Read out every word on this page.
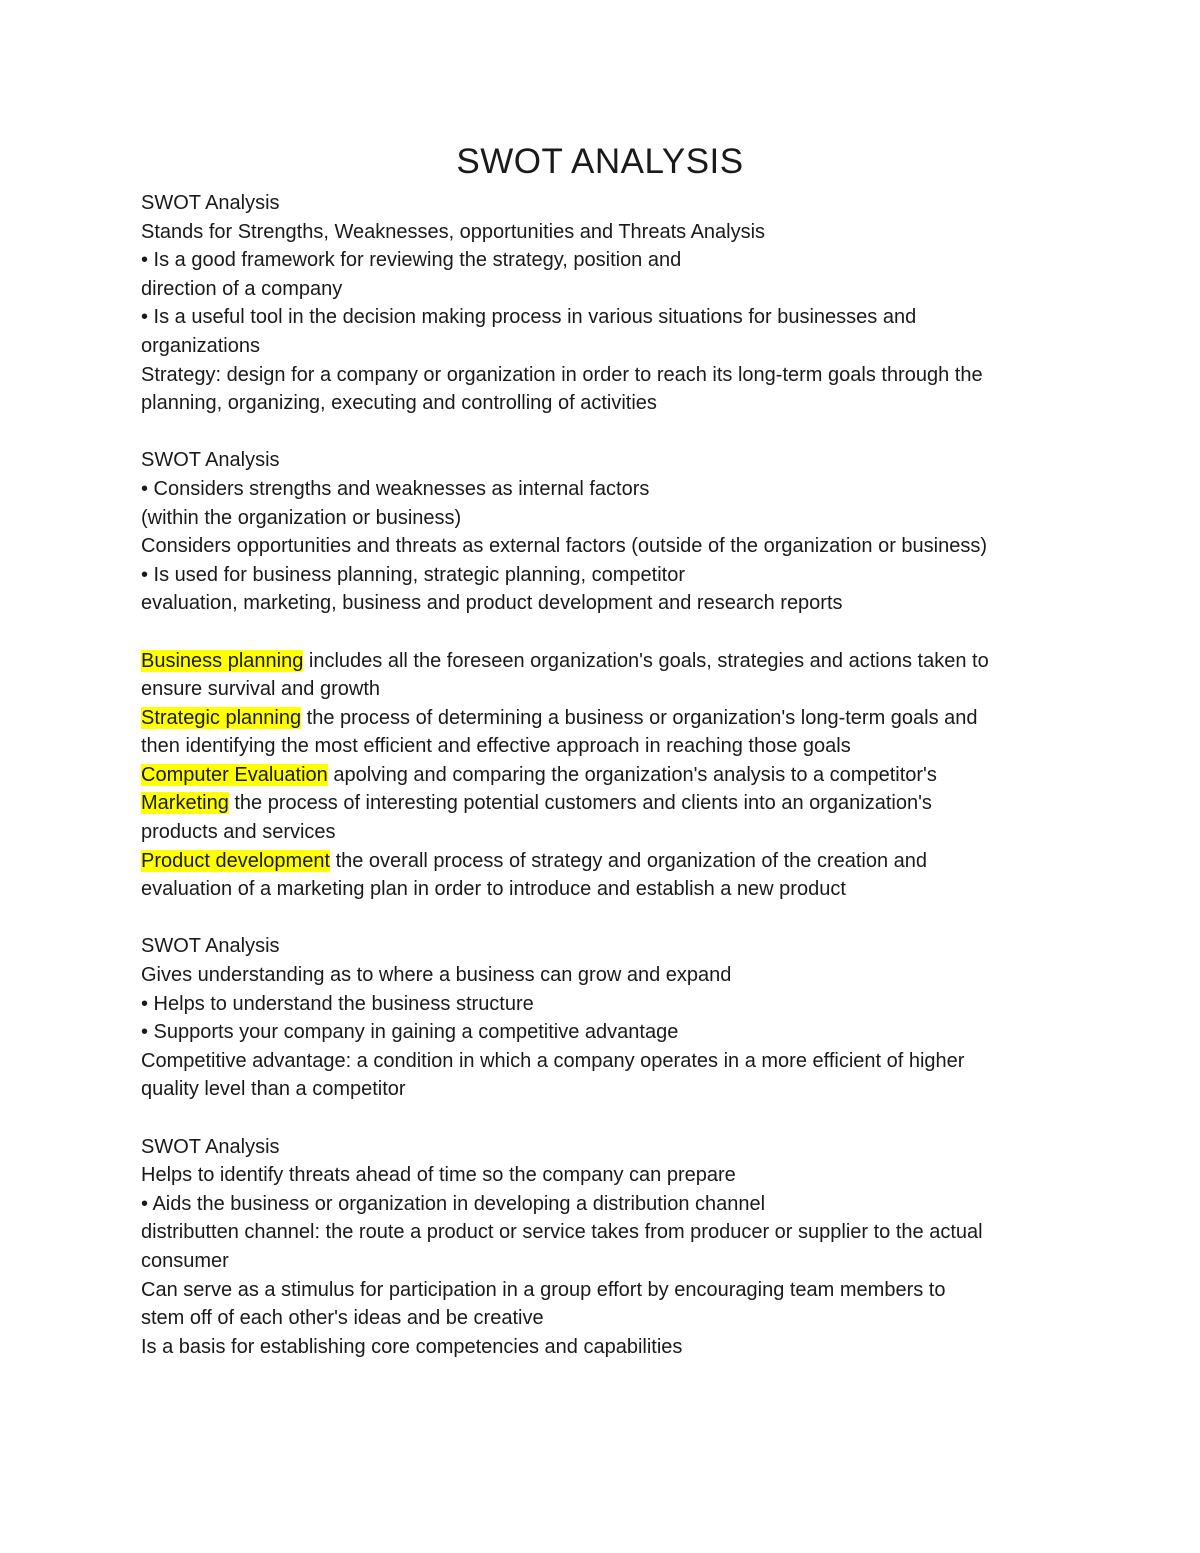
SWOT ANALYSIS
SWOT Analysis
Stands for Strengths, Weaknesses, opportunities and Threats Analysis
• Is a good framework for reviewing the strategy, position and
direction of a company
• Is a useful tool in the decision making process in various situations for businesses and
organizations
Strategy: design for a company or organization in order to reach its long-term goals through the
planning, organizing, executing and controlling of activities
SWOT Analysis
• Considers strengths and weaknesses as internal factors
(within the organization or business)
Considers opportunities and threats as external factors (outside of the organization or business)
• Is used for business planning, strategic planning, competitor
evaluation, marketing, business and product development and research reports
Business planning includes all the foreseen organization's goals, strategies and actions taken to
ensure survival and growth
Strategic planning the process of determining a business or organization's long-term goals and
then identifying the most efficient and effective approach in reaching those goals
Computer Evaluation apolving and comparing the organization's analysis to a competitor's
Marketing the process of interesting potential customers and clients into an organization's
products and services
Product development the overall process of strategy and organization of the creation and
evaluation of a marketing plan in order to introduce and establish a new product
SWOT Analysis
Gives understanding as to where a business can grow and expand
• Helps to understand the business structure
• Supports your company in gaining a competitive advantage
Competitive advantage: a condition in which a company operates in a more efficient of higher
quality level than a competitor
SWOT Analysis
Helps to identify threats ahead of time so the company can prepare
• Aids the business or organization in developing a distribution channel
distributten channel: the route a product or service takes from producer or supplier to the actual
consumer
Can serve as a stimulus for participation in a group effort by encouraging team members to
stem off of each other's ideas and be creative
Is a basis for establishing core competencies and capabilities
